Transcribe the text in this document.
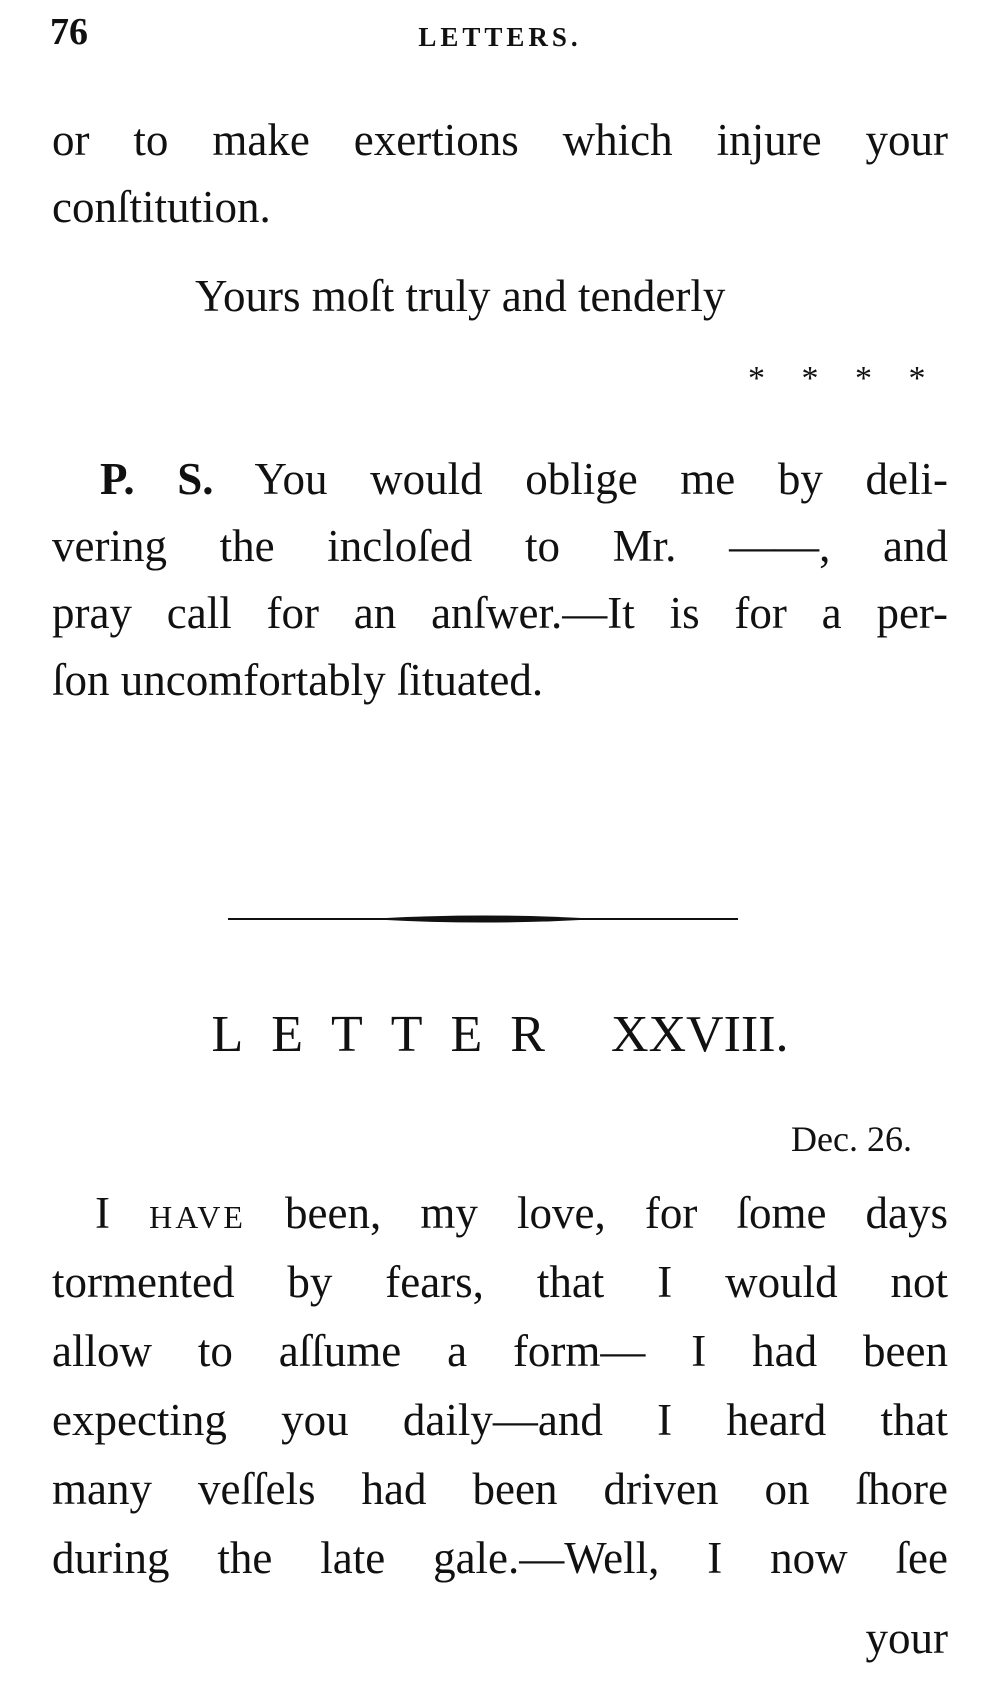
76	LETTERS.
or to make exertions which injure your
conſtitution.
Yours moſt truly and tenderly
* * * *
P. S. You would oblige me by deli-
vering the incloſed to Mr. ——, and
pray call for an anſwer.—It is for a per-
ſon uncomfortably ſituated.
LETTER XXVIII.
Dec. 26.
I have been, my love, for ſome days
tormented by fears, that I would not
allow to aſſume a form— I had been
expecting you daily—and I heard that
many veſſels had been driven on ſhore
during the late gale.—Well, I now ſee
your
